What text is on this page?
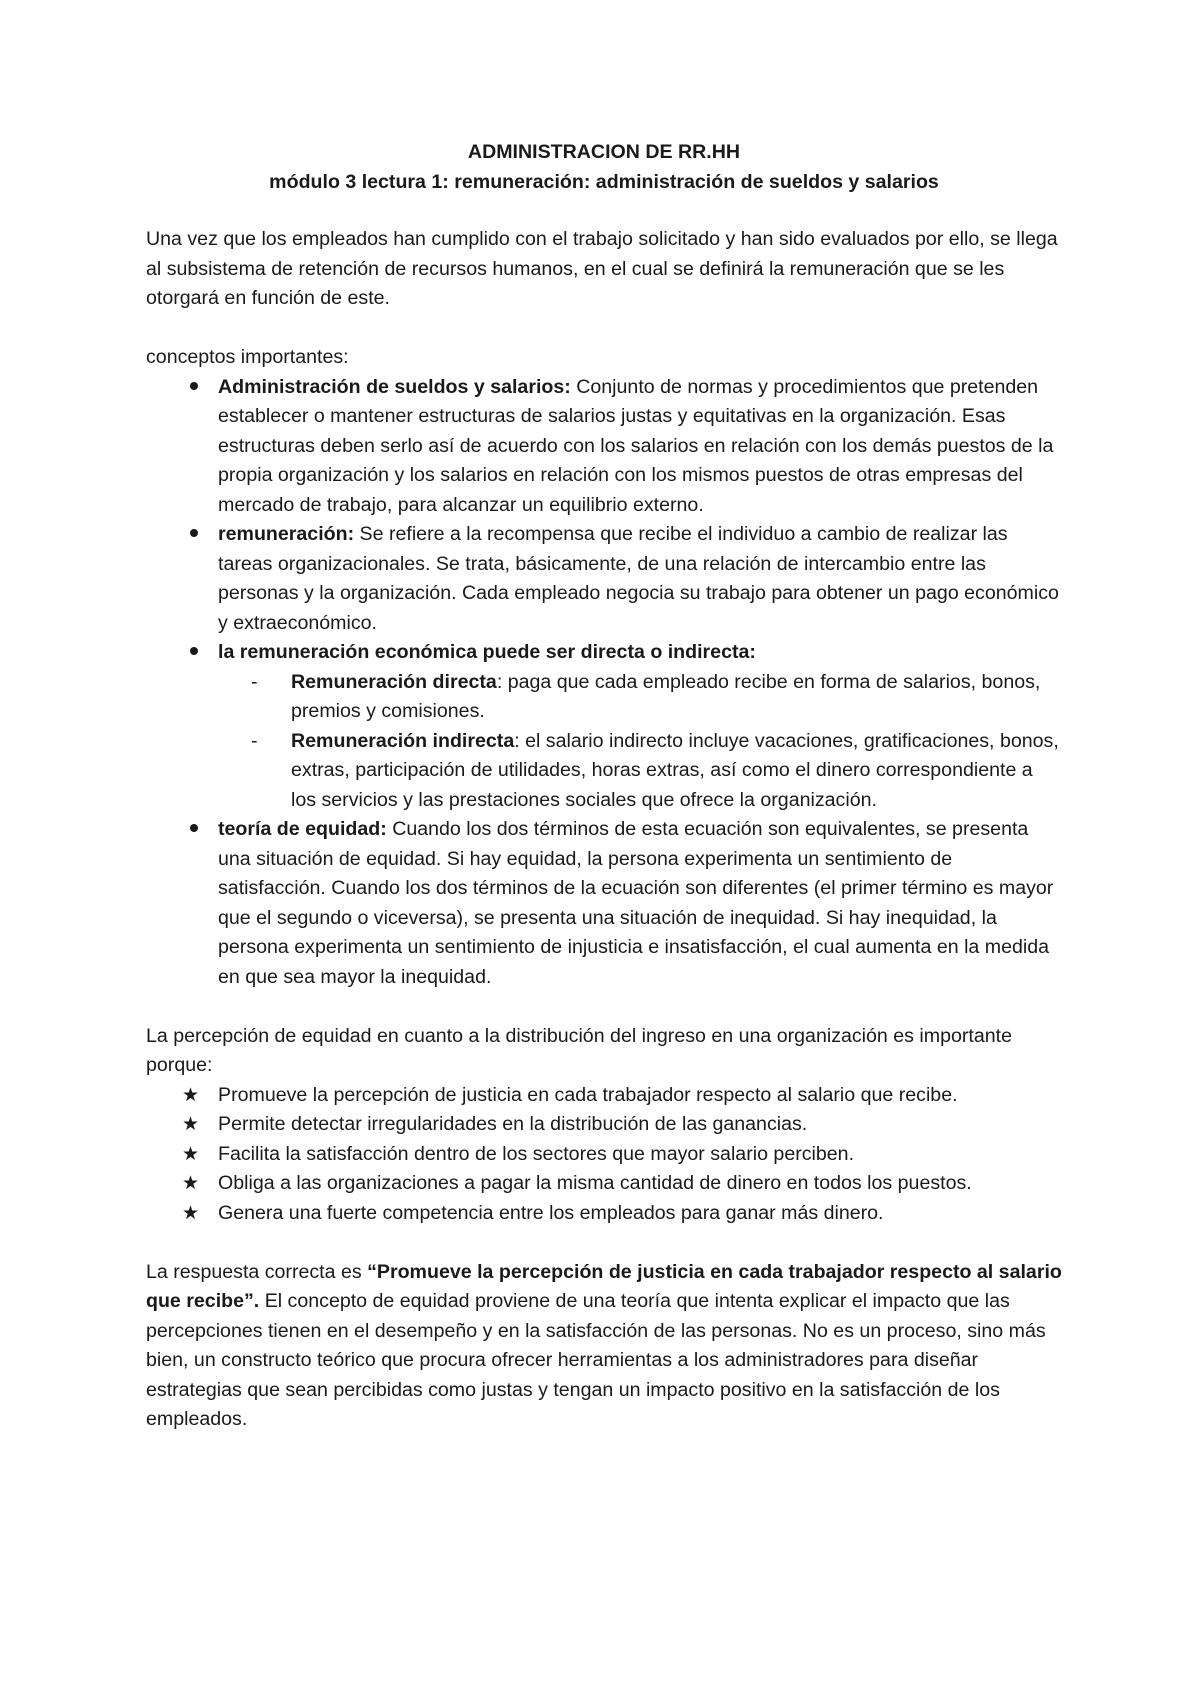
ADMINISTRACION DE RR.HH
módulo 3 lectura 1: remuneración: administración de sueldos y salarios

Una vez que los empleados han cumplido con el trabajo solicitado y han sido evaluados por ello, se llega al subsistema de retención de recursos humanos, en el cual se definirá la remuneración que se les otorgará en función de este.

conceptos importantes:

Administración de sueldos y salarios: Conjunto de normas y procedimientos que pretenden establecer o mantener estructuras de salarios justas y equitativas en la organización. Esas estructuras deben serlo así de acuerdo con los salarios en relación con los demás puestos de la propia organización y los salarios en relación con los mismos puestos de otras empresas del mercado de trabajo, para alcanzar un equilibrio externo.
remuneración: Se refiere a la recompensa que recibe el individuo a cambio de realizar las tareas organizacionales. Se trata, básicamente, de una relación de intercambio entre las personas y la organización. Cada empleado negocia su trabajo para obtener un pago económico y extraeconómico.
la remuneración económica puede ser directa o indirecta:
- Remuneración directa: paga que cada empleado recibe en forma de salarios, bonos, premios y comisiones.
- Remuneración indirecta: el salario indirecto incluye vacaciones, gratificaciones, bonos, extras, participación de utilidades, horas extras, así como el dinero correspondiente a los servicios y las prestaciones sociales que ofrece la organización.
teoría de equidad: Cuando los dos términos de esta ecuación son equivalentes, se presenta una situación de equidad. Si hay equidad, la persona experimenta un sentimiento de satisfacción. Cuando los dos términos de la ecuación son diferentes (el primer término es mayor que el segundo o viceversa), se presenta una situación de inequidad. Si hay inequidad, la persona experimenta un sentimiento de injusticia e insatisfacción, el cual aumenta en la medida en que sea mayor la inequidad.

La percepción de equidad en cuanto a la distribución del ingreso en una organización es importante porque:

★ Promueve la percepción de justicia en cada trabajador respecto al salario que recibe.
★ Permite detectar irregularidades en la distribución de las ganancias.
★ Facilita la satisfacción dentro de los sectores que mayor salario perciben.
★ Obliga a las organizaciones a pagar la misma cantidad de dinero en todos los puestos.
★ Genera una fuerte competencia entre los empleados para ganar más dinero.

La respuesta correcta es “Promueve la percepción de justicia en cada trabajador respecto al salario que recibe”. El concepto de equidad proviene de una teoría que intenta explicar el impacto que las percepciones tienen en el desempeño y en la satisfacción de las personas. No es un proceso, sino más bien, un constructo teórico que procura ofrecer herramientas a los administradores para diseñar estrategias que sean percibidas como justas y tengan un impacto positivo en la satisfacción de los empleados.
